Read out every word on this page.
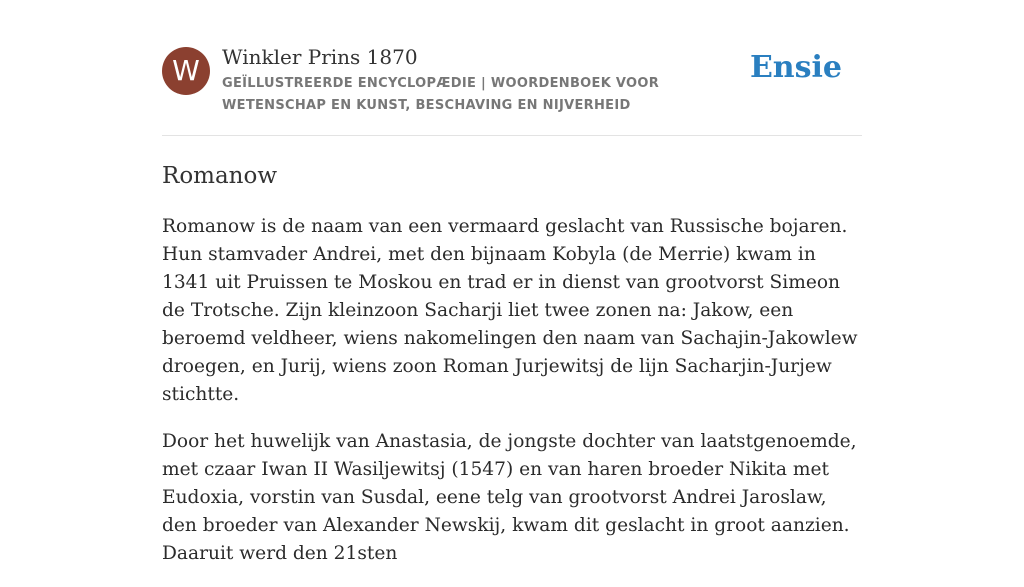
W	Winkler Prins 1870
GEÏLLUSTREERDE ENCYCLOPÆDIE | WOORDENBOEK VOOR WETENSCHAP EN KUNST, BESCHAVING EN NIJVERHEID
Ensie
Romanow

Romanow is de naam van een vermaard geslacht van Russische bojaren. Hun stamvader Andrei, met den bijnaam Kobyla (de Merrie) kwam in 1341 uit Pruissen te Moskou en trad er in dienst van grootvorst Simeon de Trotsche. Zijn kleinzoon Sacharji liet twee zonen na: Jakow, een beroemd veldheer, wiens nakomelingen den naam van Sachajin-Jakowlew droegen, en Jurij, wiens zoon Roman Jurjewitsj de lijn Sacharjin-Jurjew stichtte.

Door het huwelijk van Anastasia, de jongste dochter van laatstgenoemde, met czaar Iwan II Wasiljewitsj (1547) en van haren broeder Nikita met Eudoxia, vorstin van Susdal, eene telg van grootvorst Andrei Jaroslaw, den broeder van Alexander Newskij, kwam dit geslacht in groot aanzien. Daaruit werd den 21sten
